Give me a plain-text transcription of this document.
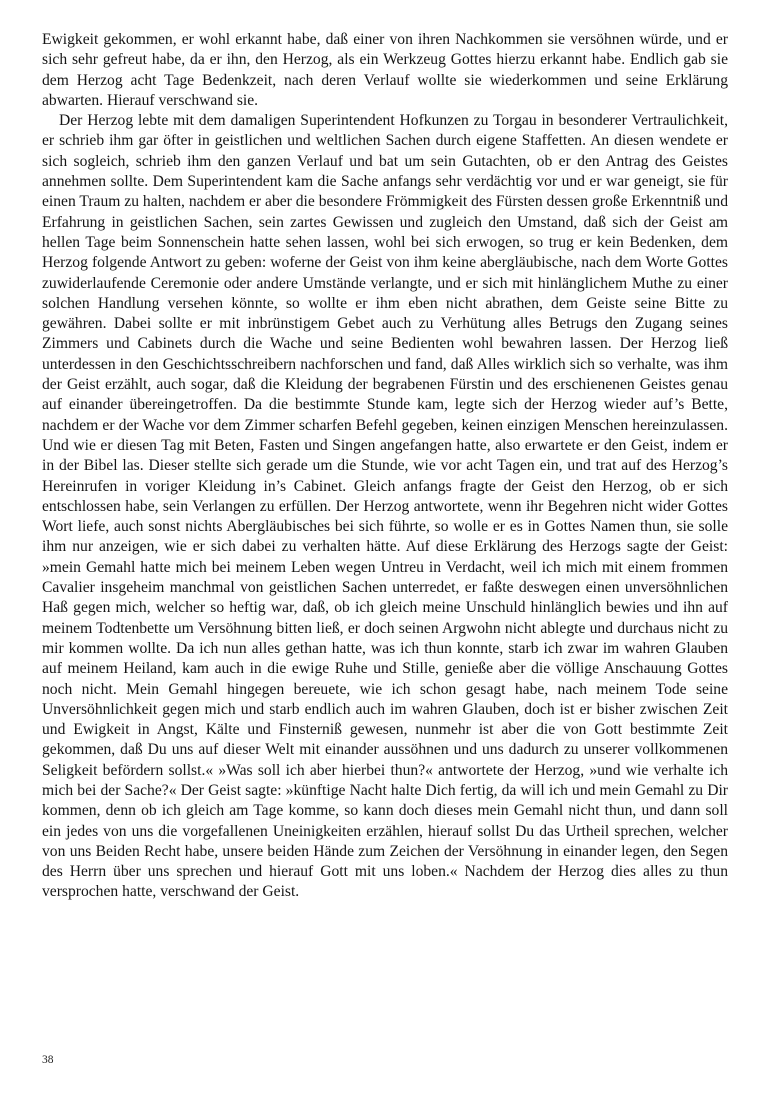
Ewigkeit gekommen, er wohl erkannt habe, daß einer von ihren Nachkommen sie versöhnen würde, und er sich sehr gefreut habe, da er ihn, den Herzog, als ein Werkzeug Gottes hierzu erkannt habe. Endlich gab sie dem Herzog acht Tage Bedenkzeit, nach deren Verlauf wollte sie wiederkommen und seine Erklärung abwarten. Hierauf verschwand sie.

Der Herzog lebte mit dem damaligen Superintendent Hofkunzen zu Torgau in besonderer Vertraulichkeit, er schrieb ihm gar öfter in geistlichen und weltlichen Sachen durch eigene Staffetten. An diesen wendete er sich sogleich, schrieb ihm den ganzen Verlauf und bat um sein Gutachten, ob er den Antrag des Geistes annehmen sollte. Dem Superintendent kam die Sache anfangs sehr verdächtig vor und er war geneigt, sie für einen Traum zu halten, nachdem er aber die besondere Frömmigkeit des Fürsten dessen große Erkenntniß und Erfahrung in geistlichen Sachen, sein zartes Gewissen und zugleich den Umstand, daß sich der Geist am hellen Tage beim Sonnenschein hatte sehen lassen, wohl bei sich erwogen, so trug er kein Bedenken, dem Herzog folgende Antwort zu geben: woferne der Geist von ihm keine abergläubische, nach dem Worte Gottes zuwiderlaufende Ceremonie oder andere Umstände verlangte, und er sich mit hinlänglichem Muthe zu einer solchen Handlung versehen könnte, so wollte er ihm eben nicht abrathen, dem Geiste seine Bitte zu gewähren. Dabei sollte er mit inbrünstigem Gebet auch zu Verhütung alles Betrugs den Zugang seines Zimmers und Cabinets durch die Wache und seine Bedienten wohl bewahren lassen. Der Herzog ließ unterdessen in den Geschichtsschreibern nachforschen und fand, daß Alles wirklich sich so verhalte, was ihm der Geist erzählt, auch sogar, daß die Kleidung der begrabenen Fürstin und des erschienenen Geistes genau auf einander übereingetroffen. Da die bestimmte Stunde kam, legte sich der Herzog wieder auf’s Bette, nachdem er der Wache vor dem Zimmer scharfen Befehl gegeben, keinen einzigen Menschen hereinzulassen. Und wie er diesen Tag mit Beten, Fasten und Singen angefangen hatte, also erwartete er den Geist, indem er in der Bibel las. Dieser stellte sich gerade um die Stunde, wie vor acht Tagen ein, und trat auf des Herzog’s Hereinrufen in voriger Kleidung in’s Cabinet. Gleich anfangs fragte der Geist den Herzog, ob er sich entschlossen habe, sein Verlangen zu erfüllen. Der Herzog antwortete, wenn ihr Begehren nicht wider Gottes Wort liefe, auch sonst nichts Abergläubisches bei sich führte, so wolle er es in Gottes Namen thun, sie solle ihm nur anzeigen, wie er sich dabei zu verhalten hätte. Auf diese Erklärung des Herzogs sagte der Geist: »mein Gemahl hatte mich bei meinem Leben wegen Untreu in Verdacht, weil ich mich mit einem frommen Cavalier insgeheim manchmal von geistlichen Sachen unterredet, er faßte deswegen einen unversöhnlichen Haß gegen mich, welcher so heftig war, daß, ob ich gleich meine Unschuld hinlänglich bewies und ihn auf meinem Todtenbette um Versöhnung bitten ließ, er doch seinen Argwohn nicht ablegte und durchaus nicht zu mir kommen wollte. Da ich nun alles gethan hatte, was ich thun konnte, starb ich zwar im wahren Glauben auf meinem Heiland, kam auch in die ewige Ruhe und Stille, genieße aber die völlige Anschauung Gottes noch nicht. Mein Gemahl hingegen bereuete, wie ich schon gesagt habe, nach meinem Tode seine Unversöhnlichkeit gegen mich und starb endlich auch im wahren Glauben, doch ist er bisher zwischen Zeit und Ewigkeit in Angst, Kälte und Finsterniß gewesen, nunmehr ist aber die von Gott bestimmte Zeit gekommen, daß Du uns auf dieser Welt mit einander aussöhnen und uns dadurch zu unserer vollkommenen Seligkeit befördern sollst.« »Was soll ich aber hierbei thun?« antwortete der Herzog, »und wie verhalte ich mich bei der Sache?« Der Geist sagte: »künftige Nacht halte Dich fertig, da will ich und mein Gemahl zu Dir kommen, denn ob ich gleich am Tage komme, so kann doch dieses mein Gemahl nicht thun, und dann soll ein jedes von uns die vorgefallenen Uneinigkeiten erzählen, hierauf sollst Du das Urtheil sprechen, welcher von uns Beiden Recht habe, unsere beiden Hände zum Zeichen der Versöhnung in einander legen, den Segen des Herrn über uns sprechen und hierauf Gott mit uns loben.« Nachdem der Herzog dies alles zu thun versprochen hatte, verschwand der Geist.

38
